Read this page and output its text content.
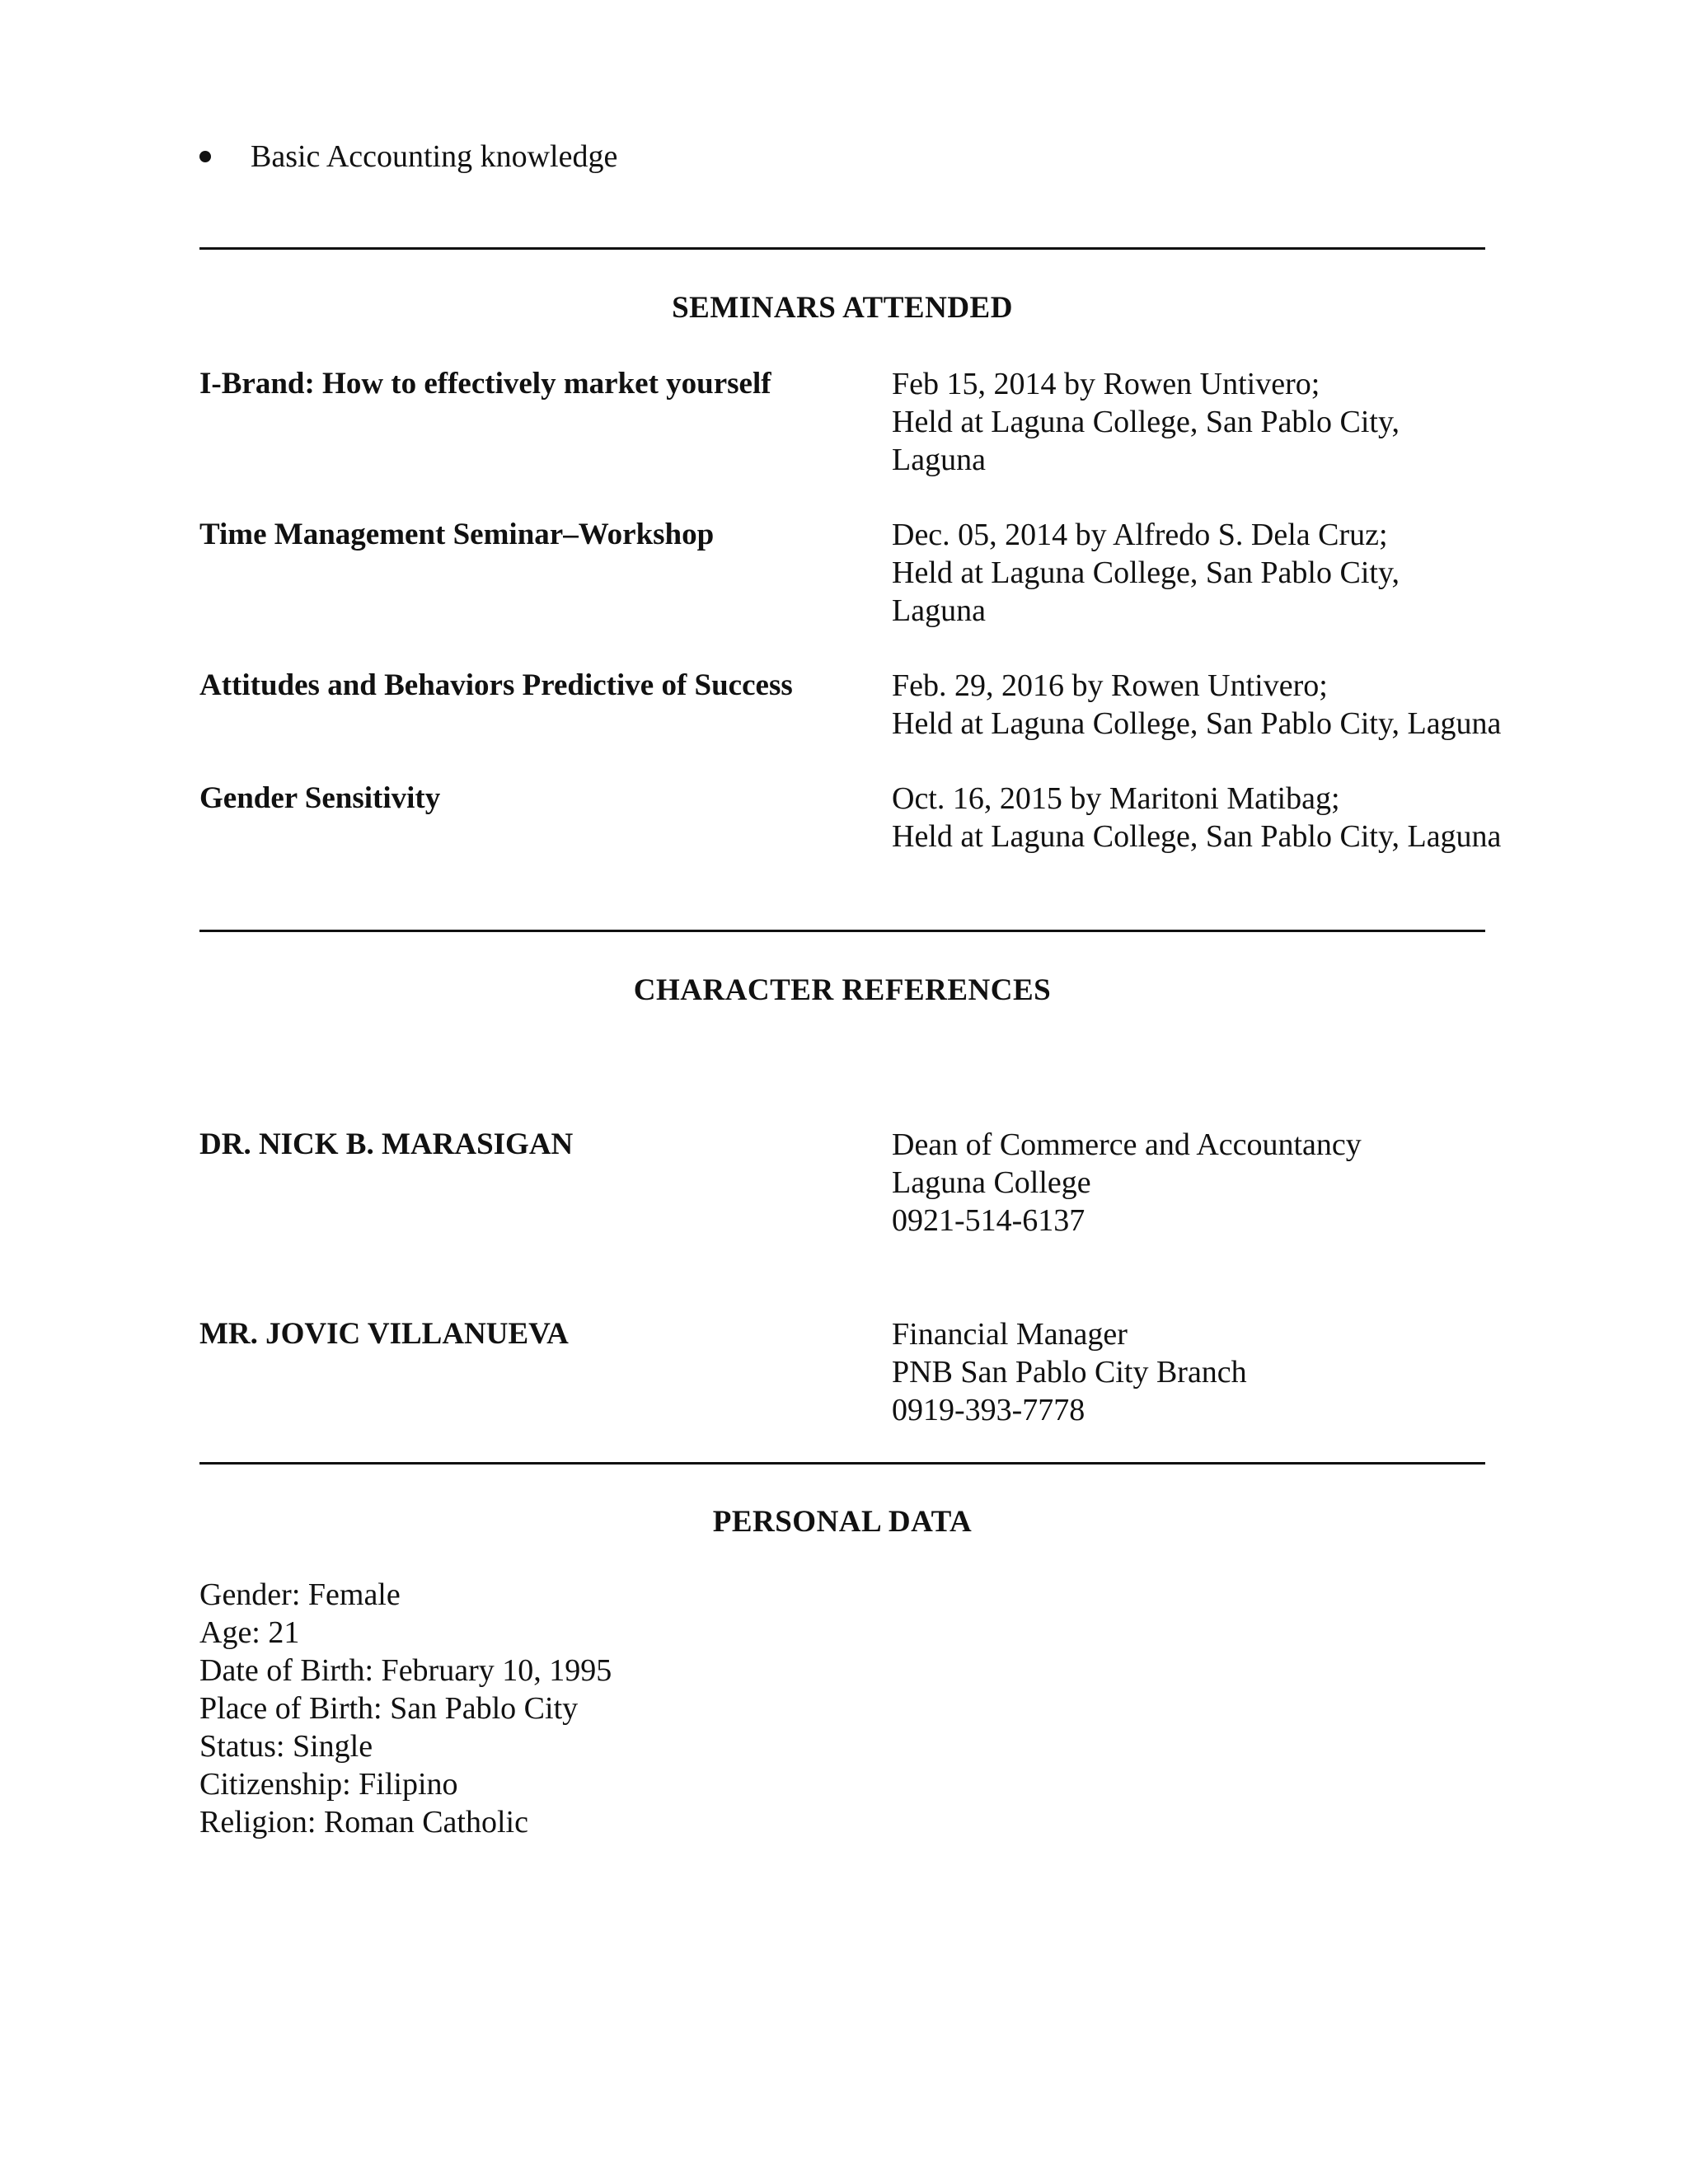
Basic Accounting knowledge
SEMINARS ATTENDED
I-Brand: How to effectively market yourself	Feb 15, 2014 by Rowen Untivero;
Held at Laguna College, San Pablo City,
Laguna
Time Management Seminar–Workshop	Dec. 05, 2014 by Alfredo S. Dela Cruz;
Held at Laguna College, San Pablo City,
Laguna
Attitudes and Behaviors Predictive of Success	Feb. 29, 2016 by Rowen Untivero;
Held at Laguna College, San Pablo City, Laguna
Gender Sensitivity	Oct. 16, 2015 by Maritoni Matibag;
Held at Laguna College, San Pablo City, Laguna
CHARACTER REFERENCES
DR. NICK B. MARASIGAN	Dean of Commerce and Accountancy
Laguna College
0921-514-6137
MR. JOVIC VILLANUEVA	Financial Manager
PNB San Pablo City Branch
0919-393-7778
PERSONAL DATA
Gender: Female
Age: 21
Date of Birth: February 10, 1995
Place of Birth: San Pablo City
Status: Single
Citizenship: Filipino
Religion: Roman Catholic
